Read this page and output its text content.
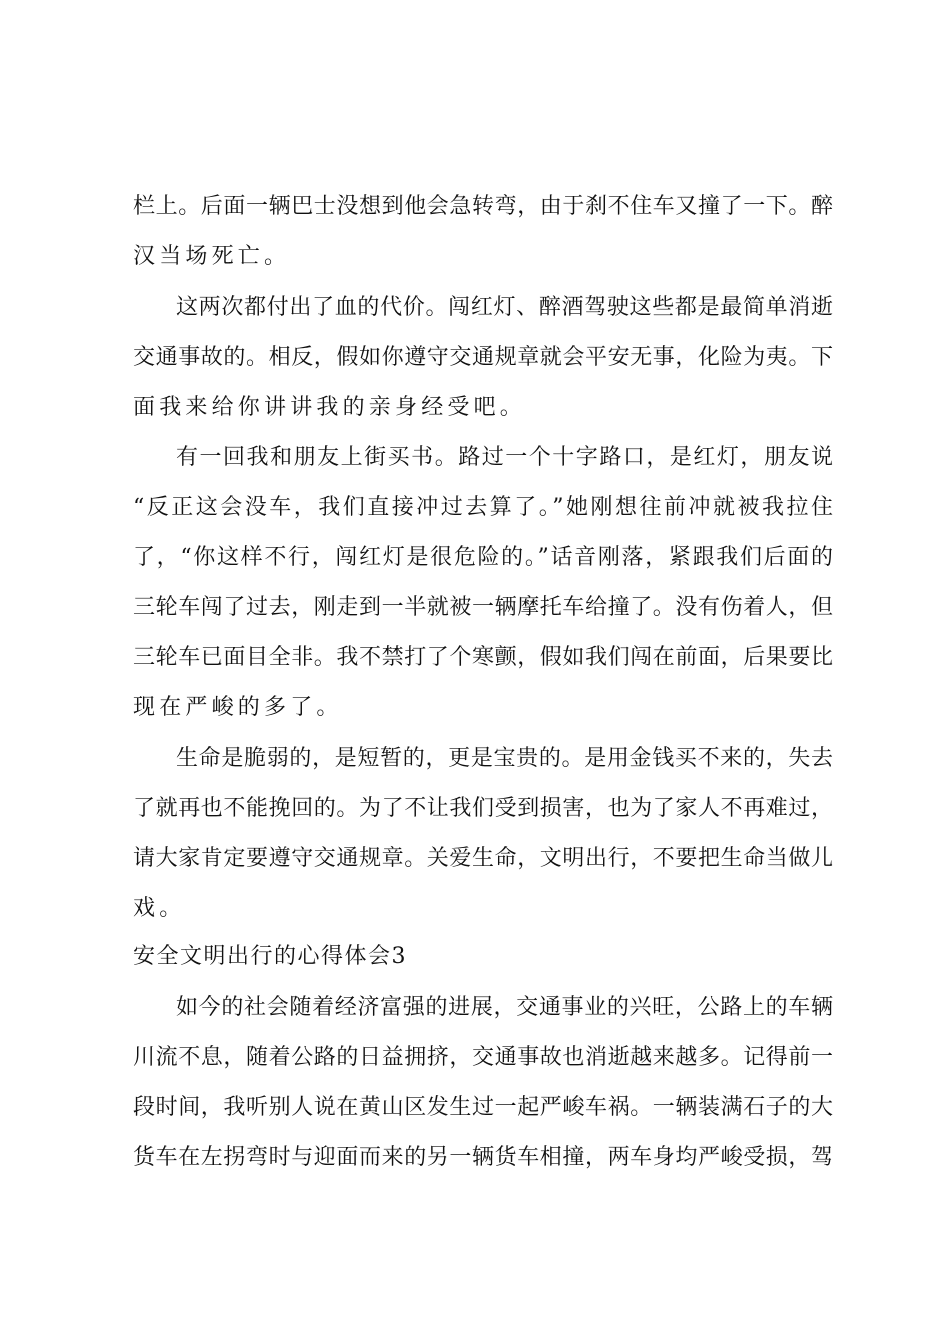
栏上。后面一辆巴士没想到他会急转弯，由于刹不住车又撞了一下。醉
汉当场死亡。
这两次都付出了血的代价。闯红灯、醉酒驾驶这些都是最简单消逝
交通事故的。相反，假如你遵守交通规章就会平安无事，化险为夷。下
面我来给你讲讲我的亲身经受吧。
有一回我和朋友上街买书。路过一个十字路口，是红灯，朋友说
“反正这会没车，我们直接冲过去算了。”她刚想往前冲就被我拉住
了，“你这样不行，闯红灯是很危险的。”话音刚落，紧跟我们后面的
三轮车闯了过去，刚走到一半就被一辆摩托车给撞了。没有伤着人，但
三轮车已面目全非。我不禁打了个寒颤，假如我们闯在前面，后果要比
现在严峻的多了。
生命是脆弱的，是短暂的，更是宝贵的。是用金钱买不来的，失去
了就再也不能挽回的。为了不让我们受到损害，也为了家人不再难过，
请大家肯定要遵守交通规章。关爱生命，文明出行，不要把生命当做儿
戏。
安全文明出行的心得体会3
如今的社会随着经济富强的进展，交通事业的兴旺，公路上的车辆
川流不息，随着公路的日益拥挤，交通事故也消逝越来越多。记得前一
段时间，我听别人说在黄山区发生过一起严峻车祸。一辆装满石子的大
货车在左拐弯时与迎面而来的另一辆货车相撞，两车身均严峻受损，驾
